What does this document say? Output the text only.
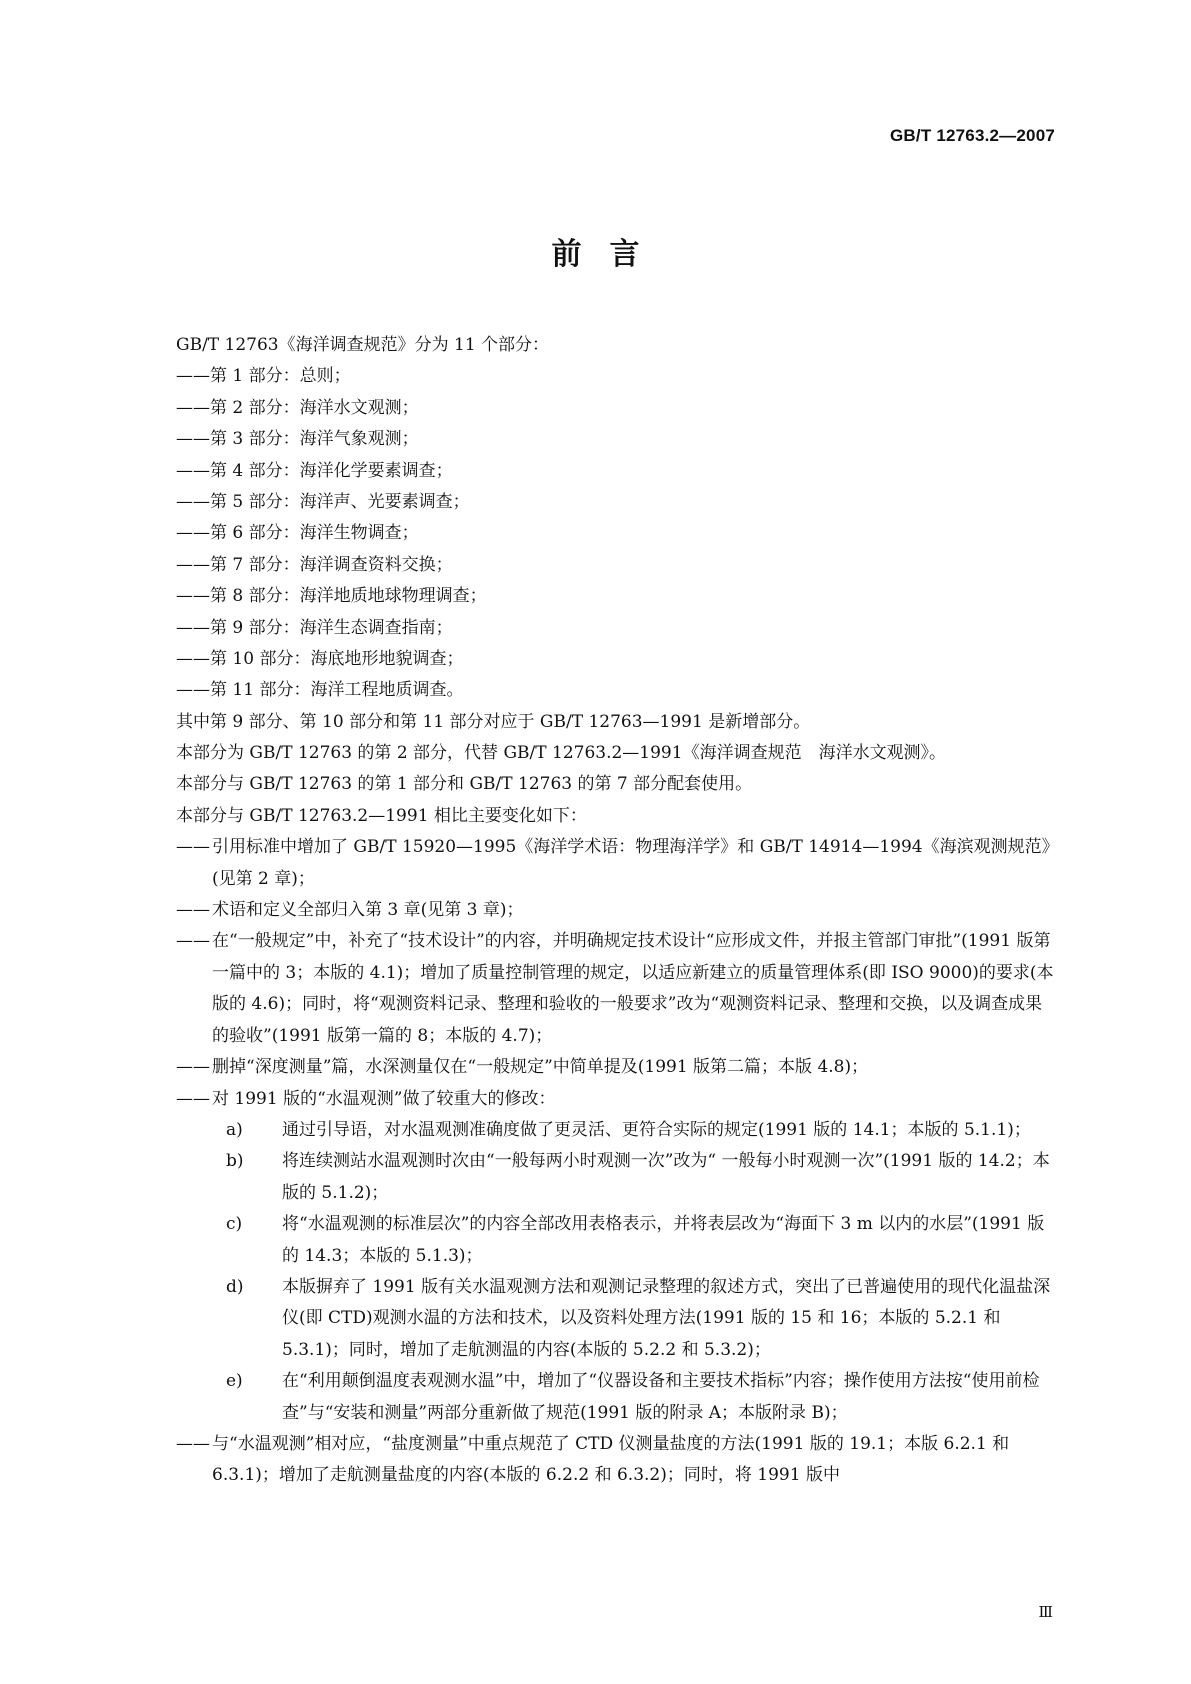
GB/T 12763.2—2007
前言
GB/T 12763《海洋调查规范》分为 11 个部分：
——第 1 部分：总则；
——第 2 部分：海洋水文观测；
——第 3 部分：海洋气象观测；
——第 4 部分：海洋化学要素调查；
——第 5 部分：海洋声、光要素调查；
——第 6 部分：海洋生物调查；
——第 7 部分：海洋调查资料交换；
——第 8 部分：海洋地质地球物理调查；
——第 9 部分：海洋生态调查指南；
——第 10 部分：海底地形地貌调查；
——第 11 部分：海洋工程地质调查。
其中第 9 部分、第 10 部分和第 11 部分对应于 GB/T 12763—1991 是新增部分。
本部分为 GB/T 12763 的第 2 部分，代替 GB/T 12763.2—1991《海洋调查规范　海洋水文观测》。
本部分与 GB/T 12763 的第 1 部分和 GB/T 12763 的第 7 部分配套使用。
本部分与 GB/T 12763.2—1991 相比主要变化如下：
—— 引用标准中增加了 GB/T 15920—1995《海洋学术语：物理海洋学》和 GB/T 14914—1994《海滨观测规范》(见第 2 章)；
—— 术语和定义全部归入第 3 章(见第 3 章)；
—— 在“一般规定”中，补充了“技术设计”的内容，并明确规定技术设计“应形成文件，并报主管部门审批”(1991 版第一篇中的 3；本版的 4.1)；增加了质量控制管理的规定，以适应新建立的质量管理体系(即 ISO 9000)的要求(本版的 4.6)；同时，将“观测资料记录、整理和验收的一般要求”改为“观测资料记录、整理和交换，以及调查成果的验收”(1991 版第一篇的 8；本版的 4.7)；
—— 删掉“深度测量”篇，水深测量仅在“一般规定”中简单提及(1991 版第二篇；本版 4.8)；
—— 对 1991 版的“水温观测”做了较重大的修改：
a)	通过引导语，对水温观测准确度做了更灵活、更符合实际的规定(1991 版的 14.1；本版的 5.1.1)；
b)	将连续测站水温观测时次由“一般每两小时观测一次”改为“ 一般每小时观测一次”(1991 版的 14.2；本版的 5.1.2)；
c)	将“水温观测的标准层次”的内容全部改用表格表示，并将表层改为“海面下 3 m 以内的水层”(1991 版的 14.3；本版的 5.1.3)；
d)	本版摒弃了 1991 版有关水温观测方法和观测记录整理的叙述方式，突出了已普遍使用的现代化温盐深仪(即 CTD)观测水温的方法和技术，以及资料处理方法(1991 版的 15 和 16；本版的 5.2.1 和 5.3.1)；同时，增加了走航测温的内容(本版的 5.2.2 和 5.3.2)；
e)	在“利用颠倒温度表观测水温”中，增加了“仪器设备和主要技术指标”内容；操作使用方法按“使用前检查”与“安装和测量”两部分重新做了规范(1991 版的附录 A；本版附录 B)；
—— 与“水温观测”相对应，“盐度测量”中重点规范了 CTD 仪测量盐度的方法(1991 版的 19.1；本版 6.2.1 和 6.3.1)；增加了走航测量盐度的内容(本版的 6.2.2 和 6.3.2)；同时，将 1991 版中
Ⅲ
